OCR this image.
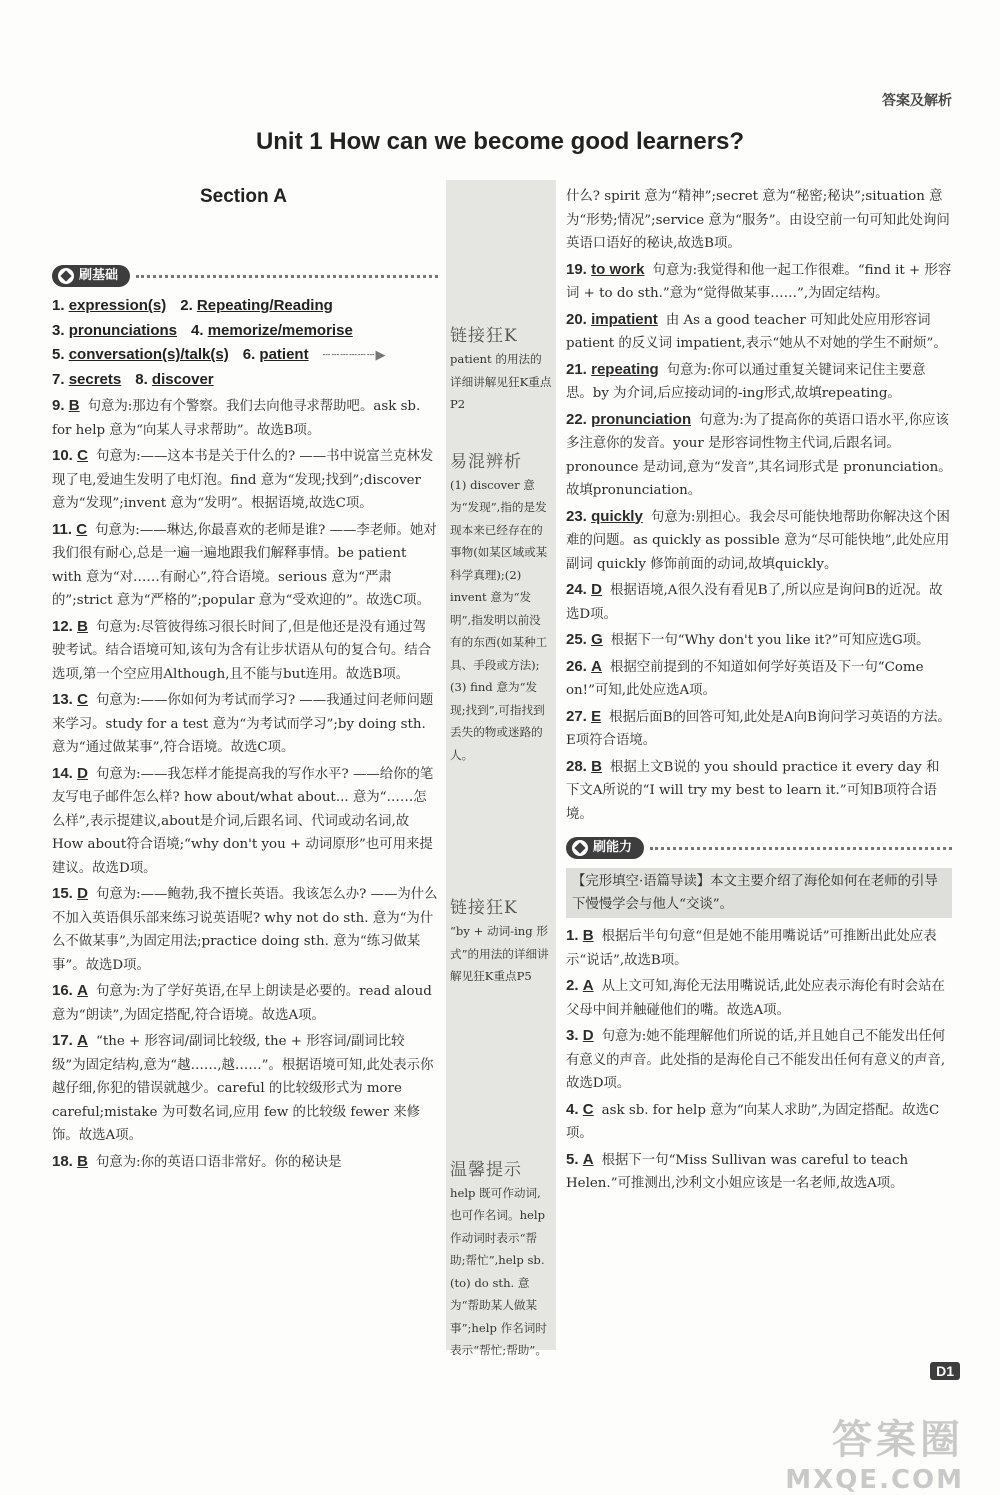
答案及解析
Unit 1 How can we become good learners?
Section A
刷基础
1. expression(s) 2. Repeating/Reading
3. pronunciations 4. memorize/memorise
5. conversation(s)/talk(s) 6. patient ┄┄┄┄┄┄▶
7. secrets 8. discover
9. B 句意为:那边有个警察。我们去向他寻求帮助吧。ask sb. for help 意为“向某人寻求帮助”。故选B项。
10. C 句意为:——这本书是关于什么的? ——书中说富兰克林发现了电,爱迪生发明了电灯泡。find 意为“发现;找到”;discover 意为“发现”;invent 意为“发明”。根据语境,故选C项。
11. C 句意为:——琳达,你最喜欢的老师是谁? ——李老师。她对我们很有耐心,总是一遍一遍地跟我们解释事情。be patient with 意为“对……有耐心”,符合语境。serious 意为“严肃的”;strict 意为“严格的”;popular 意为“受欢迎的”。故选C项。
12. B 句意为:尽管彼得练习很长时间了,但是他还是没有通过驾驶考试。结合语境可知,该句为含有让步状语从句的复合句。结合选项,第一个空应用Although,且不能与but连用。故选B项。
13. C 句意为:——你如何为考试而学习? ——我通过问老师问题来学习。study for a test 意为“为考试而学习”;by doing sth. 意为“通过做某事”,符合语境。故选C项。
14. D 句意为:——我怎样才能提高我的写作水平? ——给你的笔友写电子邮件怎么样? how about/what about... 意为“……怎么样”,表示提建议,about是介词,后跟名词、代词或动名词,故How about符合语境;“why don't you + 动词原形”也可用来提建议。故选D项。
15. D 句意为:——鲍勃,我不擅长英语。我该怎么办? ——为什么不加入英语俱乐部来练习说英语呢? why not do sth. 意为“为什么不做某事”,为固定用法;practice doing sth. 意为“练习做某事”。故选D项。
16. A 句意为:为了学好英语,在早上朗读是必要的。read aloud 意为“朗读”,为固定搭配,符合语境。故选A项。
17. A “the + 形容词/副词比较级, the + 形容词/副词比较级”为固定结构,意为“越……,越……”。根据语境可知,此处表示你越仔细,你犯的错误就越少。careful 的比较级形式为 more careful;mistake 为可数名词,应用 few 的比较级 fewer 来修饰。故选A项。
18. B 句意为:你的英语口语非常好。你的秘诀是
链接狂K
patient 的用法的详细讲解见狂K重点P2
易混辨析
(1) discover 意为“发现”,指的是发现本来已经存在的事物(如某区域或某科学真理);(2) invent 意为“发明”,指发明以前没有的东西(如某种工具、手段或方法);(3) find 意为“发现;找到”,可指找到丢失的物或迷路的人。
链接狂K
“by + 动词-ing 形式”的用法的详细讲解见狂K重点P5
温馨提示
help 既可作动词,也可作名词。help 作动词时表示“帮助;帮忙”,help sb. (to) do sth. 意为“帮助某人做某事”;help 作名词时表示“帮忙;帮助”。
什么? spirit 意为“精神”;secret 意为“秘密;秘诀”;situation 意为“形势;情况”;service 意为“服务”。由设空前一句可知此处询问英语口语好的秘诀,故选B项。
19. to work 句意为:我觉得和他一起工作很难。“find it + 形容词 + to do sth.”意为“觉得做某事……”,为固定结构。
20. impatient 由 As a good teacher 可知此处应用形容词 patient 的反义词 impatient,表示“她从不对她的学生不耐烦”。
21. repeating 句意为:你可以通过重复关键词来记住主要意思。by 为介词,后应接动词的-ing形式,故填repeating。
22. pronunciation 句意为:为了提高你的英语口语水平,你应该多注意你的发音。your 是形容词性物主代词,后跟名词。pronounce 是动词,意为“发音”,其名词形式是 pronunciation。故填pronunciation。
23. quickly 句意为:别担心。我会尽可能快地帮助你解决这个困难的问题。as quickly as possible 意为“尽可能快地”,此处应用副词 quickly 修饰前面的动词,故填quickly。
24. D 根据语境,A很久没有看见B了,所以应是询问B的近况。故选D项。
25. G 根据下一句“Why don't you like it?”可知应选G项。
26. A 根据空前提到的不知道如何学好英语及下一句“Come on!”可知,此处应选A项。
27. E 根据后面B的回答可知,此处是A向B询问学习英语的方法。E项符合语境。
28. B 根据上文B说的 you should practice it every day 和下文A所说的“I will try my best to learn it.”可知B项符合语境。
刷能力
【完形填空·语篇导读】本文主要介绍了海伦如何在老师的引导下慢慢学会与他人“交谈”。
1. B 根据后半句句意“但是她不能用嘴说话”可推断出此处应表示“说话”,故选B项。
2. A 从上文可知,海伦无法用嘴说话,此处应表示海伦有时会站在父母中间并触碰他们的嘴。故选A项。
3. D 句意为:她不能理解他们所说的话,并且她自己不能发出任何有意义的声音。此处指的是海伦自己不能发出任何有意义的声音,故选D项。
4. C ask sb. for help 意为“向某人求助”,为固定搭配。故选C项。
5. A 根据下一句“Miss Sullivan was careful to teach Helen.”可推测出,沙利文小姐应该是一名老师,故选A项。
D1
答案圈
MXQE.COM
